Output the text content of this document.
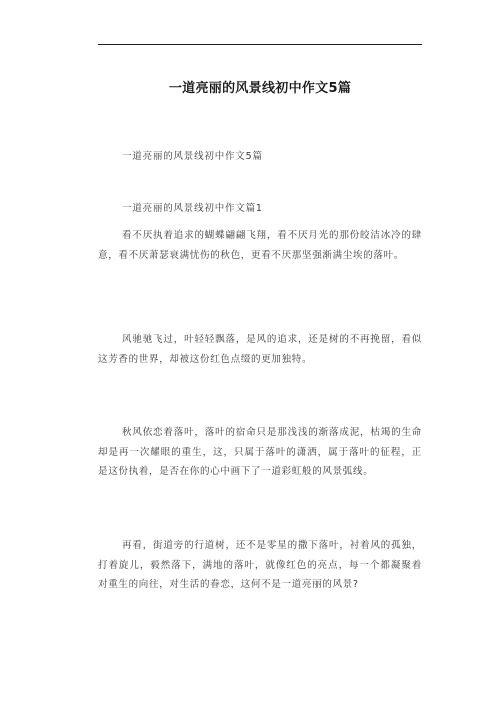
一道亮丽的风景线初中作文5篇
一道亮丽的风景线初中作文5篇
一道亮丽的风景线初中作文篇1

看不厌执着追求的蝴蝶翩翩飞翔，看不厌月光的那份皎洁冰冷的肆意，看不厌萧瑟衰满忧伤的秋色，更看不厌那坚强渐满尘埃的落叶。

风驰驰飞过，叶轻轻飘落，是风的追求，还是树的不再挽留，看似这芳香的世界，却被这份红色点缀的更加独特。

秋风依恋着落叶，落叶的宿命只是那浅浅的渐落成泥，枯竭的生命却是再一次耀眼的重生，这，只属于落叶的潇洒，属于落叶的征程，正是这份执着，是否在你的心中画下了一道彩虹般的风景弧线。

再看，街道旁的行道树，还不是零星的撒下落叶，衬着风的孤独，打着旋儿，毅然落下，满地的落叶，就像红色的亮点，每一个都凝聚着对重生的向往，对生活的眷恋，这何不是一道亮丽的风景?
